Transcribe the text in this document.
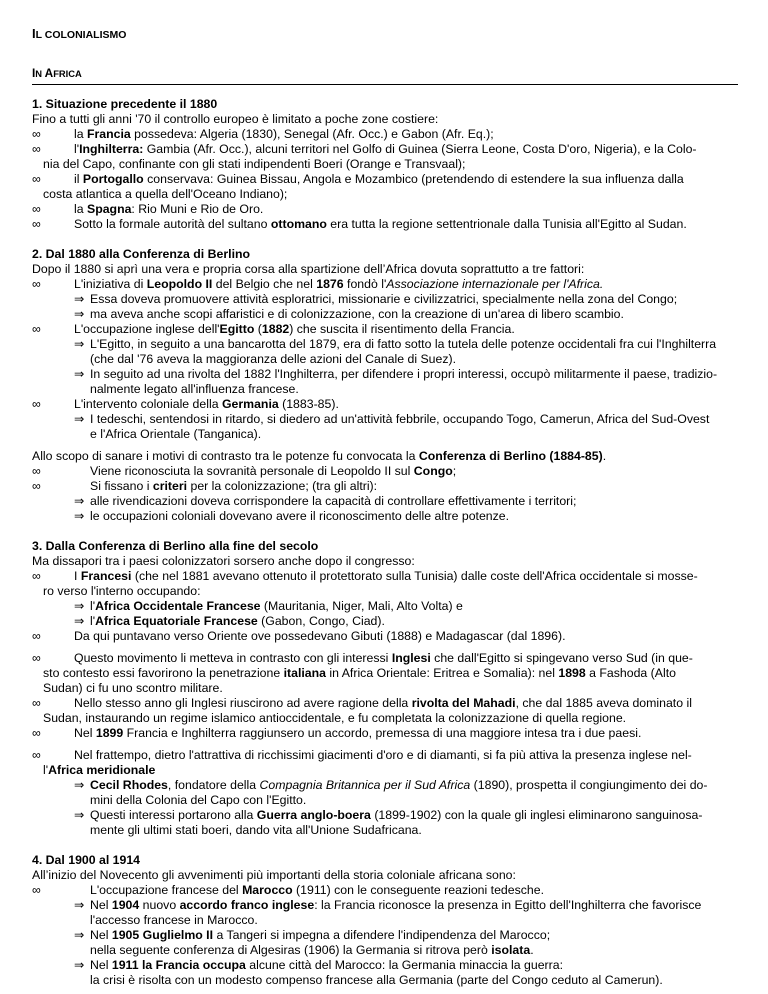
IL COLONIALISMO
IN AFRICA
1. Situazione precedente il 1880
Fino a tutti gli anni '70 il controllo europeo è limitato a poche zone costiere:
∞	la Francia possedeva: Algeria (1830), Senegal (Afr. Occ.) e Gabon (Afr. Eq.);
∞	l'Inghilterra: Gambia (Afr. Occ.), alcuni territori nel Golfo di Guinea (Sierra Leone, Costa D'oro, Nigeria), e la Colo-
nia del Capo, confinante con gli stati indipendenti Boeri (Orange e Transvaal);
∞	il Portogallo conservava: Guinea Bissau, Angola e Mozambico (pretendendo di estendere la sua influenza dalla
costa atlantica a quella dell'Oceano Indiano);
∞	la Spagna: Rio Muni e Rio de Oro.
∞	Sotto la formale autorità del sultano ottomano era tutta la regione settentrionale dalla Tunisia all'Egitto al Sudan.
2. Dal 1880 alla Conferenza di Berlino
Dopo il 1880 si aprì una vera e propria corsa alla spartizione dell’Africa dovuta soprattutto a tre fattori:
∞	L'iniziativa di Leopoldo II del Belgio che nel 1876 fondò l'Associazione internazionale per l'Africa.
⇒ Essa doveva promuovere attività esploratrici, missionarie e civilizzatrici, specialmente nella zona del Congo;
⇒ ma aveva anche scopi affaristici e di colonizzazione, con la creazione di un'area di libero scambio.
∞	L'occupazione inglese dell'Egitto (1882) che suscita il risentimento della Francia.
⇒ L'Egitto, in seguito a una bancarotta del 1879, era di fatto sotto la tutela delle potenze occidentali fra cui l'Inghilterra
(che dal '76 aveva la maggioranza delle azioni del Canale di Suez).
⇒ In seguito ad una rivolta del 1882 l'Inghilterra, per difendere i propri interessi, occupò militarmente il paese, tradizio-
nalmente legato all'influenza francese.
∞	L'intervento coloniale della Germania (1883-85).
⇒ I tedeschi, sentendosi in ritardo, si diedero ad un'attività febbrile, occupando Togo, Camerun, Africa del Sud-Ovest
e l'Africa Orientale (Tanganica).
Allo scopo di sanare i motivi di contrasto tra le potenze fu convocata la Conferenza di Berlino (1884-85).
∞	Viene riconosciuta la sovranità personale di Leopoldo II sul Congo;
∞	Si fissano i criteri per la colonizzazione; (tra gli altri):
⇒ alle rivendicazioni doveva corrispondere la capacità di controllare effettivamente i territori;
⇒ le occupazioni coloniali dovevano avere il riconoscimento delle altre potenze.
3. Dalla Conferenza di Berlino alla fine del secolo
Ma dissapori tra i paesi colonizzatori sorsero anche dopo il congresso:
∞	I Francesi (che nel 1881 avevano ottenuto il protettorato sulla Tunisia) dalle coste dell'Africa occidentale si mosse-
ro verso l'interno occupando:
⇒ l'Africa Occidentale Francese (Mauritania, Niger, Mali, Alto Volta) e
⇒ l'Africa Equatoriale Francese (Gabon, Congo, Ciad).
∞	Da qui puntavano verso Oriente ove possedevano Gibuti (1888) e Madagascar (dal 1896).
∞	Questo movimento li metteva in contrasto con gli interessi Inglesi che dall'Egitto si spingevano verso Sud (in que-
sto contesto essi favorirono la penetrazione italiana in Africa Orientale: Eritrea e Somalia): nel 1898 a Fashoda (Alto
Sudan) ci fu uno scontro militare.
∞	Nello stesso anno gli Inglesi riuscirono ad avere ragione della rivolta del Mahadi, che dal 1885 aveva dominato il
Sudan, instaurando un regime islamico antioccidentale, e fu completata la colonizzazione di quella regione.
∞	Nel 1899 Francia e Inghilterra raggiunsero un accordo, premessa di una maggiore intesa tra i due paesi.
∞	Nel frattempo, dietro l'attrattiva di ricchissimi giacimenti d'oro e di diamanti, si fa più attiva la presenza inglese nel-
l'Africa meridionale
⇒ Cecil Rhodes, fondatore della Compagnia Britannica per il Sud Africa (1890), prospetta il congiungimento dei do-
mini della Colonia del Capo con l'Egitto.
⇒ Questi interessi portarono alla Guerra anglo-boera (1899-1902) con la quale gli inglesi eliminarono sanguinosa-
mente gli ultimi stati boeri, dando vita all'Unione Sudafricana.
4. Dal 1900 al 1914
All’inizio del Novecento gli avvenimenti più importanti della storia coloniale africana sono:
∞	L'occupazione francese del Marocco (1911) con le conseguente reazioni tedesche.
⇒ Nel 1904 nuovo accordo franco inglese: la Francia riconosce la presenza in Egitto dell'Inghilterra che favorisce
l'accesso francese in Marocco.
⇒ Nel 1905 Guglielmo II a Tangeri si impegna a difendere l'indipendenza del Marocco;
nella seguente conferenza di Algesiras (1906) la Germania si ritrova però isolata.
⇒ Nel 1911 la Francia occupa alcune città del Marocco: la Germania minaccia la guerra:
la crisi è risolta con un modesto compenso francese alla Germania (parte del Congo ceduto al Camerun).
